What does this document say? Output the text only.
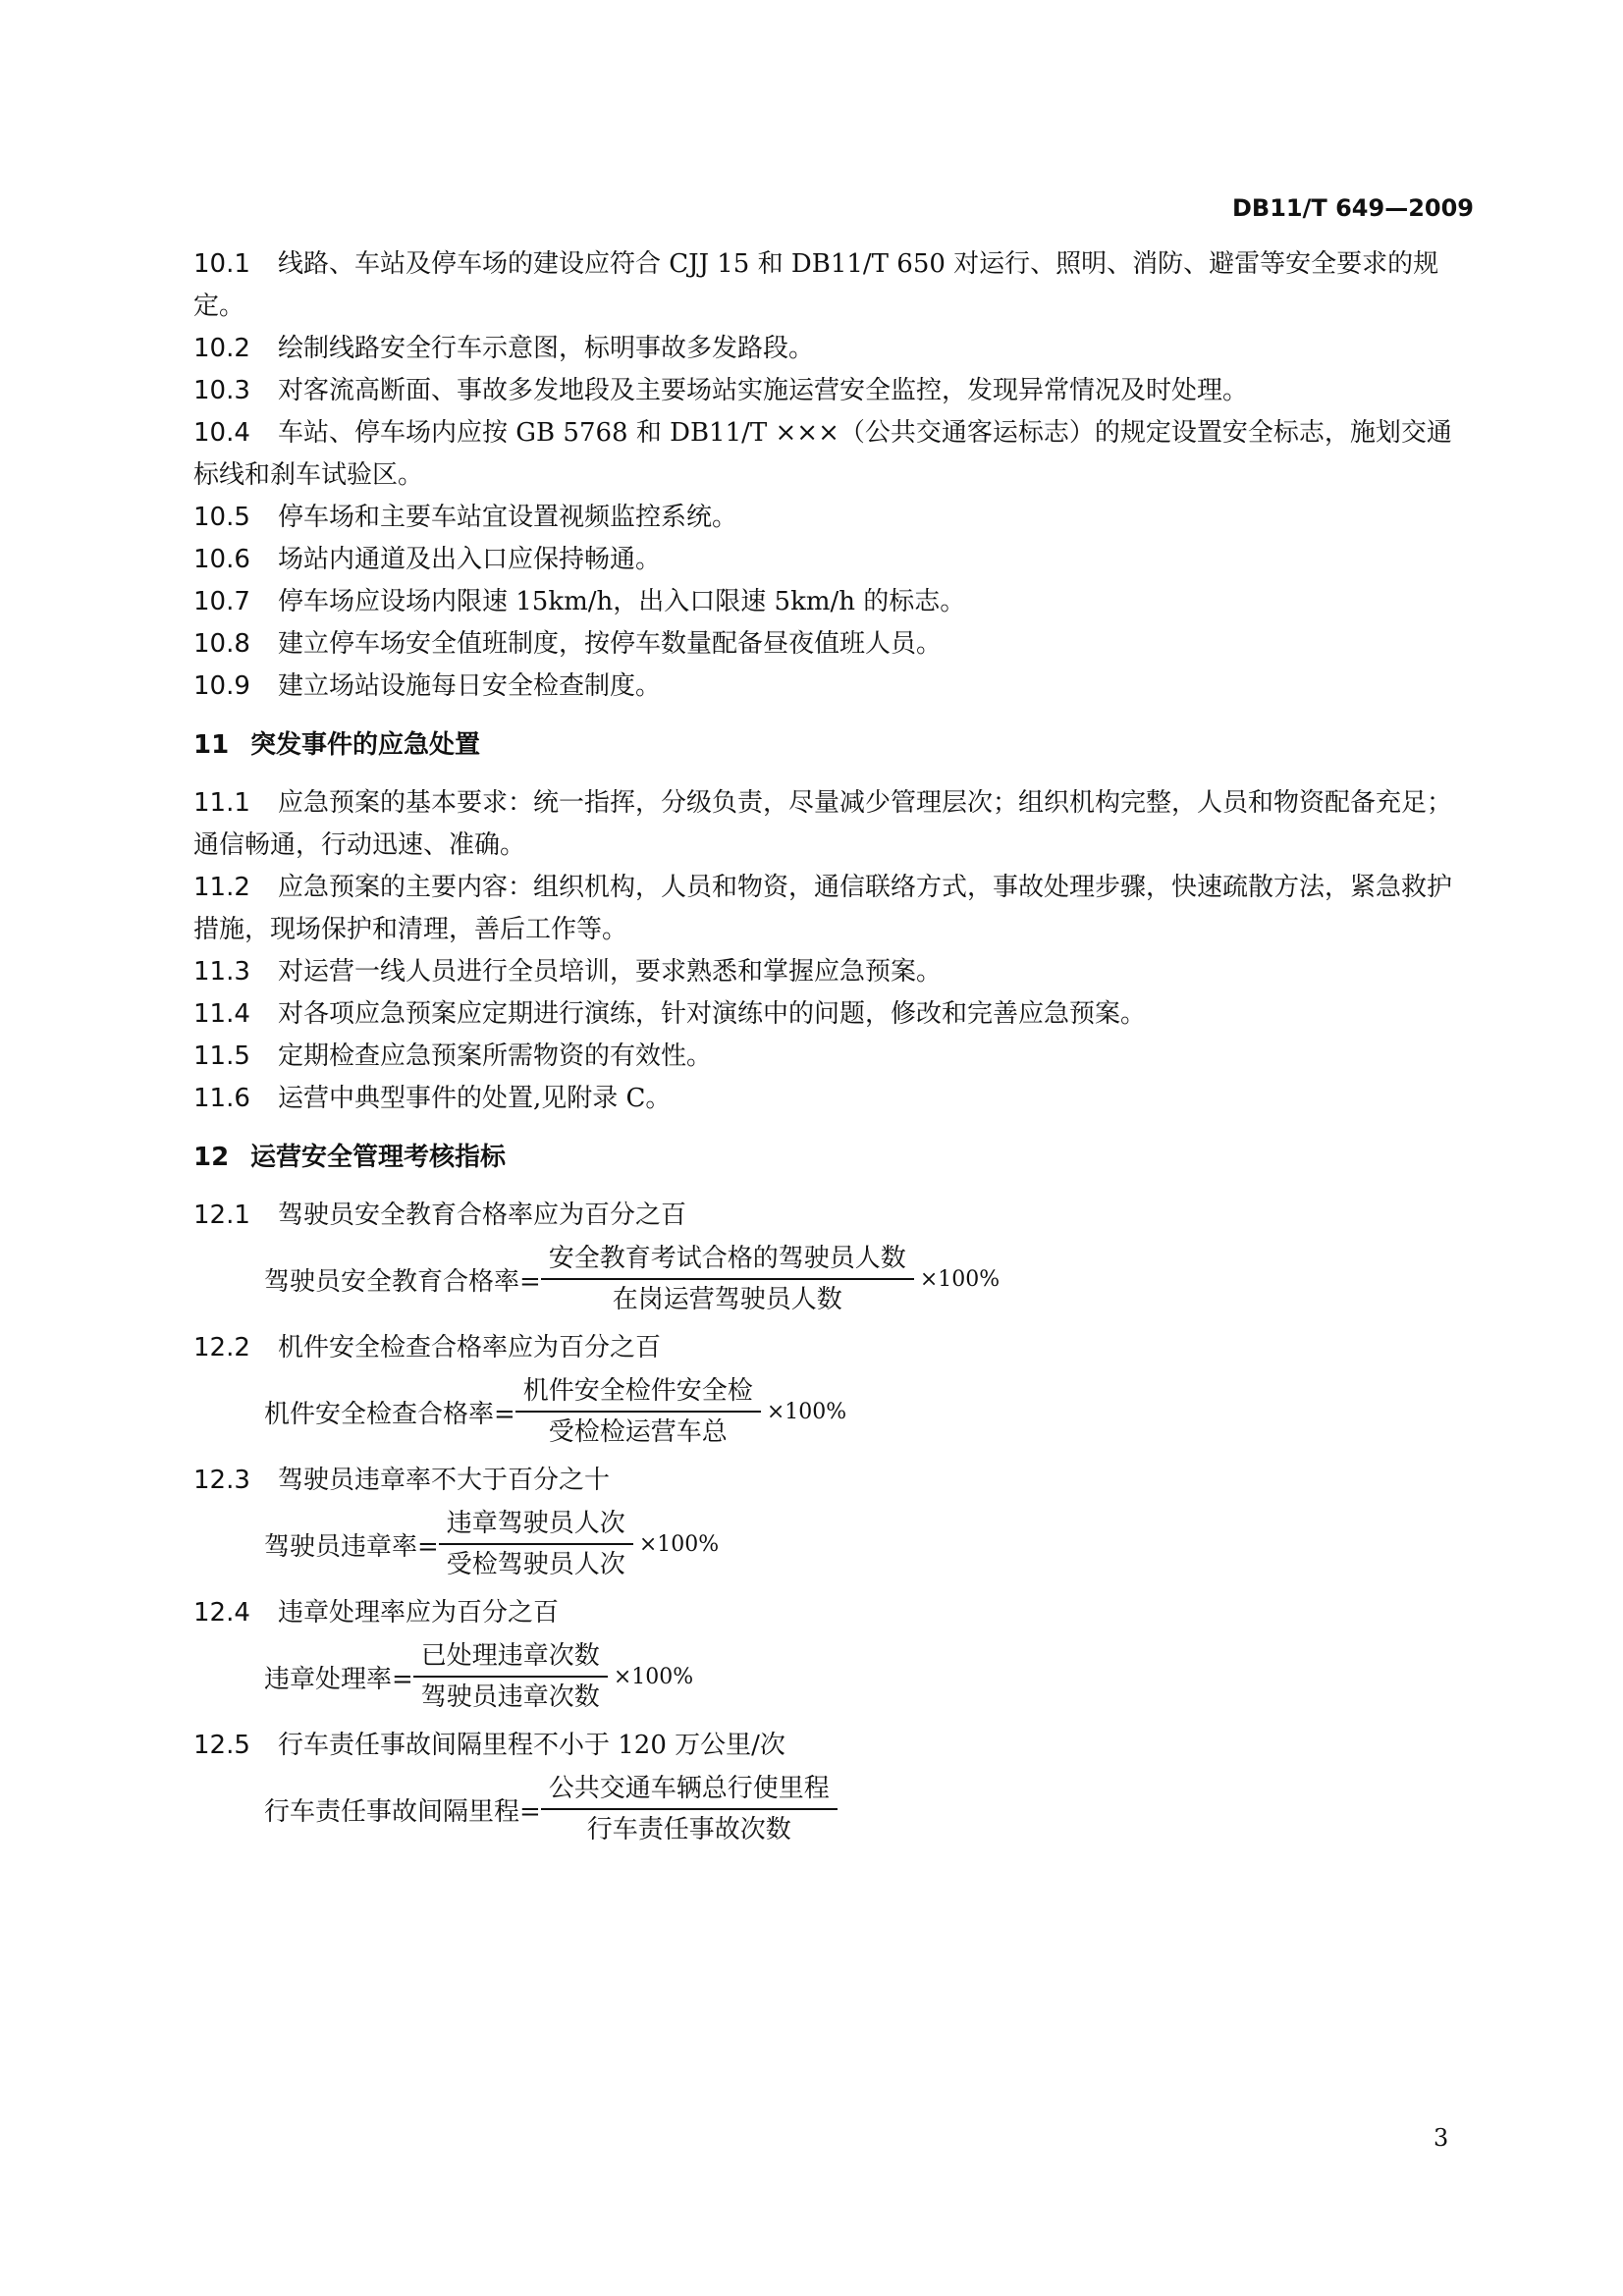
DB11/T 649—2009

10.1 线路、车站及停车场的建设应符合 CJJ 15 和 DB11/T 650 对运行、照明、消防、避雷等安全要求的规定。

10.2 绘制线路安全行车示意图，标明事故多发路段。

10.3 对客流高断面、事故多发地段及主要场站实施运营安全监控，发现异常情况及时处理。

10.4 车站、停车场内应按 GB 5768 和 DB11/T ×××（公共交通客运标志）的规定设置安全标志，施划交通标线和刹车试验区。

10.5 停车场和主要车站宜设置视频监控系统。

10.6 场站内通道及出入口应保持畅通。

10.7 停车场应设场内限速 15km/h，出入口限速 5km/h 的标志。

10.8 建立停车场安全值班制度，按停车数量配备昼夜值班人员。

10.9 建立场站设施每日安全检查制度。

11 突发事件的应急处置

11.1 应急预案的基本要求：统一指挥，分级负责，尽量减少管理层次；组织机构完整，人员和物资配备充足；通信畅通，行动迅速、准确。

11.2 应急预案的主要内容：组织机构，人员和物资，通信联络方式，事故处理步骤，快速疏散方法，紧急救护措施，现场保护和清理，善后工作等。

11.3 对运营一线人员进行全员培训，要求熟悉和掌握应急预案。

11.4 对各项应急预案应定期进行演练，针对演练中的问题，修改和完善应急预案。

11.5 定期检查应急预案所需物资的有效性。

11.6 运营中典型事件的处置,见附录 C。

12 运营安全管理考核指标

12.1 驾驶员安全教育合格率应为百分之百

驾驶员安全教育合格率= $\frac{\text{安全教育考试合格的驾驶员人数}}{\text{在岗运营驾驶员人数}} \times 100\%$

12.2 机件安全检查合格率应为百分之百

机件安全检查合格率= $\frac{\text{机件安全检件安全检}}{\text{受检检运营车总}} \times 100\%$

12.3 驾驶员违章率不大于百分之十

驾驶员违章率= $\frac{\text{违章驾驶员人次}}{\text{受检驾驶员人次}} \times 100\%$

12.4 违章处理率应为百分之百

违章处理率= $\frac{\text{已处理违章次数}}{\text{驾驶员违章次数}} \times 100\%$

12.5 行车责任事故间隔里程不小于 120 万公里/次

行车责任事故间隔里程= $\frac{\text{公共交通车辆总行使里程}}{\text{行车责任事故次数}}$
3
